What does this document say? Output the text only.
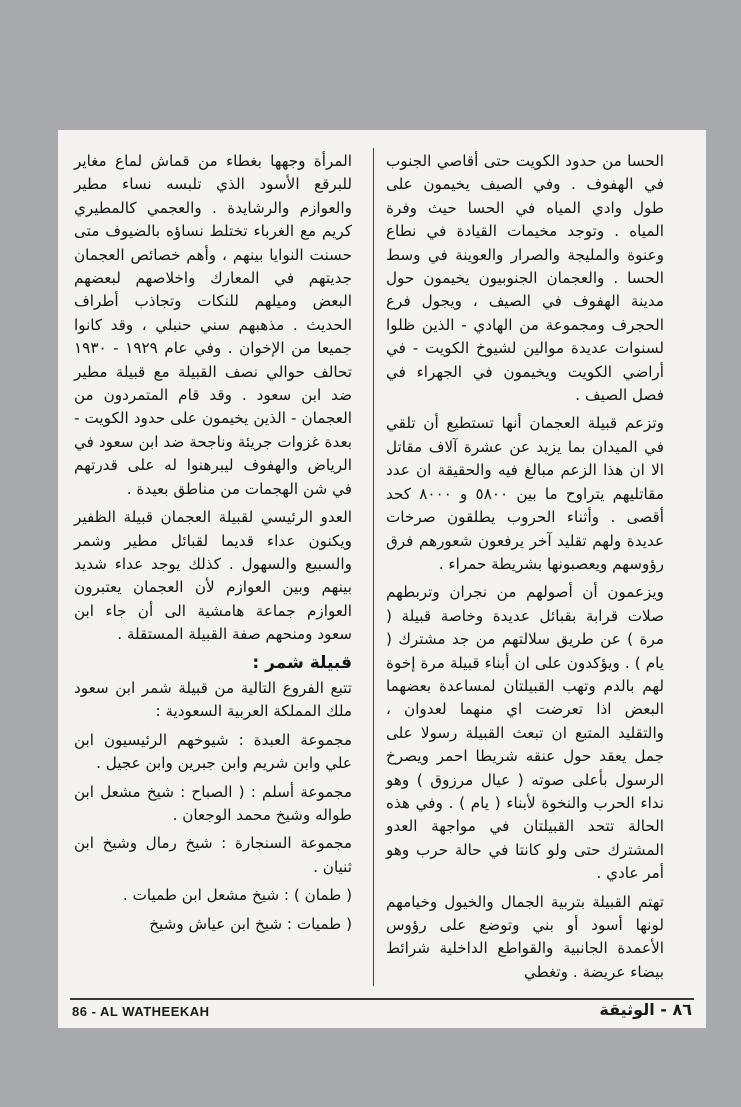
الحسا من حدود الكويت حتى أقاصي الجنوب في الهفوف . وفي الصيف يخيمون على طول وادي المياه في الحسا حيث وفرة المياه . وتوجد مخيمات القيادة في نطاع وعنوة والمليجة والصرار والعوينة في وسط الحسا . والعجمان الجنوبيون يخيمون حول مدينة الهفوف في الصيف ، ويجول فرع الحجرف ومجموعة من الهادي - الذين ظلوا لسنوات عديدة موالين لشيوخ الكويت - في أراضي الكويت ويخيمون في الجهراء في فصل الصيف .

وتزعم قبيلة العجمان أنها تستطيع أن تلقي في الميدان بما يزيد عن عشرة آلاف مقاتل الا ان هذا الزعم مبالغ فيه والحقيقة ان عدد مقاتليهم يتراوح ما بين ٥٨٠٠ و ٨٠٠٠ كحد أقصى . وأثناء الحروب يطلقون صرخات عديدة ولهم تقليد آخر يرفعون شعورهم فرق رؤوسهم ويعصبونها بشريطة حمراء .

ويزعمون أن أصولهم من نجران وتربطهم صلات قرابة بقبائل عديدة وخاصة قبيلة ( مرة ) عن طريق سلالتهم من جد مشترك ( يام ) . ويؤكدون على ان أبناء قبيلة مرة إخوة لهم بالدم وتهب القبيلتان لمساعدة بعضهما البعض اذا تعرضت اي منهما لعدوان ، والتقليد المتبع ان تبعث القبيلة رسولا على جمل يعقد حول عنقه شريطا احمر ويصرخ الرسول بأعلى صوته ( عيال مرزوق ) وهو نداء الحرب والنخوة لأبناء ( يام ) . وفي هذه الحالة تتحد القبيلتان في مواجهة العدو المشترك حتى ولو كانتا في حالة حرب وهو أمر عادي .

تهتم القبيلة بتربية الجمال والخيول وخيامهم لونها أسود أو بني وتوضع على رؤوس الأعمدة الجانبية والقواطع الداخلية شرائط بيضاء عريضة . وتغطي

المرأة وجهها بغطاء من قماش لماع مغاير للبرقع الأسود الذي تلبسه نساء مطير والعوازم والرشايدة . والعجمي كالمطيري كريم مع الغرباء تختلط نساؤه بالضيوف متى حسنت النوايا بينهم ، وأهم خصائص العجمان جديتهم في المعارك واخلاصهم لبعضهم البعض وميلهم للنكات وتجاذب أطراف الحديث . مذهبهم سني حنبلي ، وقد كانوا جميعا من الإخوان . وفي عام ١٩٢٩ - ١٩٣٠ تحالف حوالي نصف القبيلة مع قبيلة مطير ضد ابن سعود . وقد قام المتمردون من العجمان - الذين يخيمون على حدود الكويت - بعدة غزوات جريئة وناجحة ضد ابن سعود في الرياض والهفوف ليبرهنوا له على قدرتهم في شن الهجمات من مناطق بعيدة .

العدو الرئيسي لقبيلة العجمان قبيلة الظفير ويكنون عداء قديما لقبائل مطير وشمر والسبيع والسهول . كذلك يوجد عداء شديد بينهم وبين العوازم لأن العجمان يعتبرون العوازم جماعة هامشية الى أن جاء ابن سعود ومنحهم صفة القبيلة المستقلة .

قبيلة شمر :

تتبع الفروع التالية من قبيلة شمر ابن سعود ملك المملكة العربية السعودية :

مجموعة العبدة : شيوخهم الرئيسيون ابن علي وابن شريم وابن جبرين وابن عجيل .

مجموعة أسلم : ( الصباح : شيخ مشعل ابن طواله وشيخ محمد الوجعان .

مجموعة السنجارة : شيخ رمال وشيخ ابن ثنيان .

( طمان ) : شيخ مشعل ابن طميات .

( طميات : شيخ ابن عياش وشيخ

86 - AL WATHEEKAH	٨٦ - الوثيقة
